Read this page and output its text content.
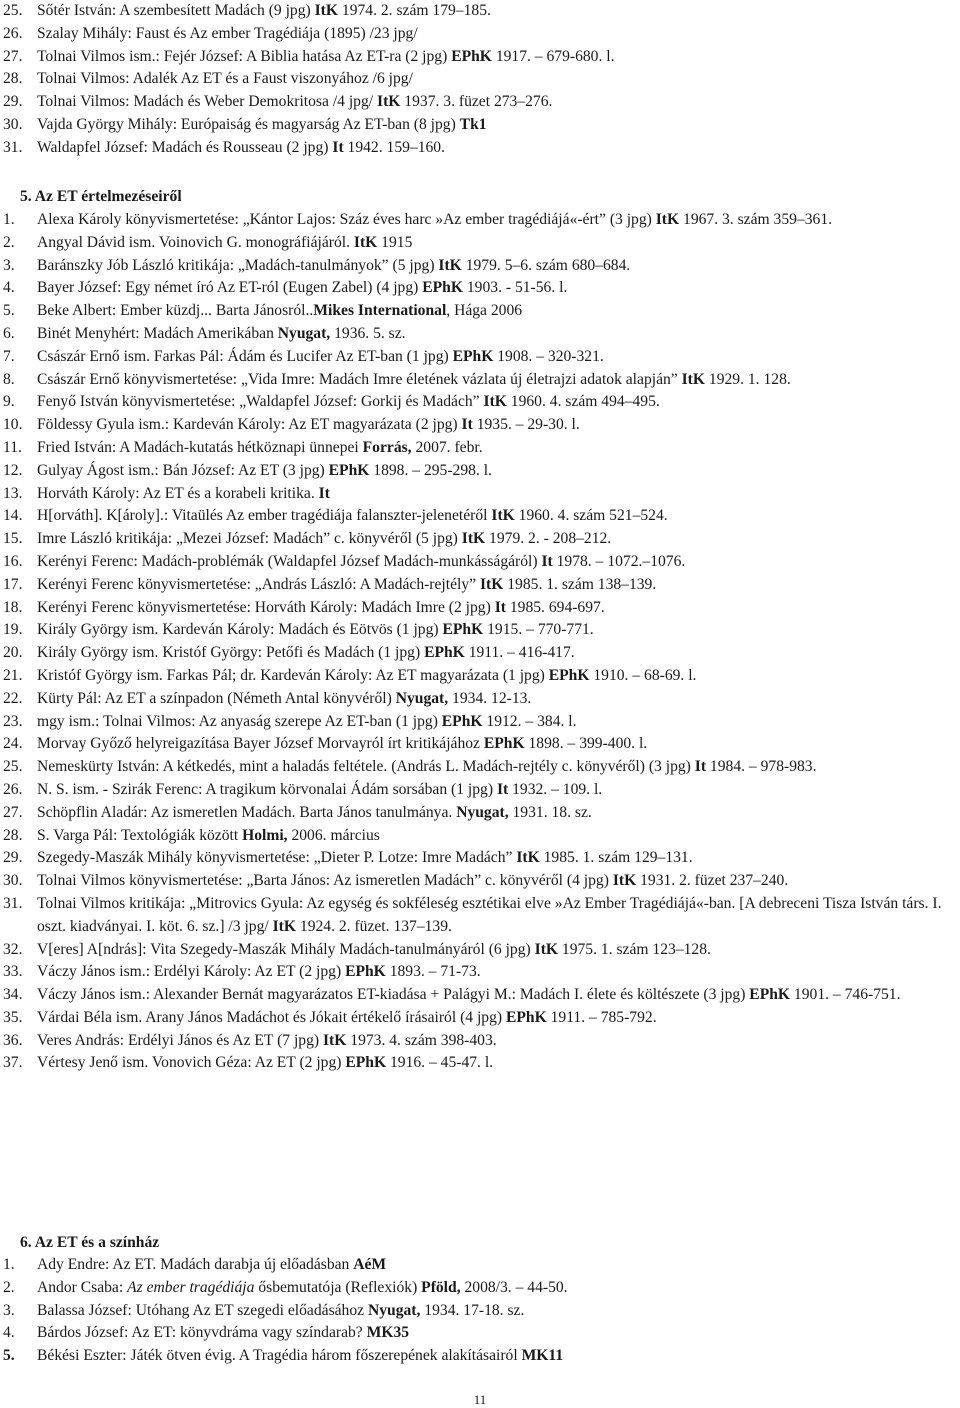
25. Sőtér István: A szembesített Madách (9 jpg) ItK 1974. 2. szám 179–185.
26. Szalay Mihály: Faust és Az ember Tragédiája (1895) /23 jpg/
27. Tolnai Vilmos ism.: Fejér József: A Biblia hatása Az ET-ra (2 jpg) EPhK 1917. – 679-680. l.
28. Tolnai Vilmos: Adalék Az ET és a Faust viszonyához /6 jpg/
29. Tolnai Vilmos: Madách és Weber Demokritosa /4 jpg/ ItK 1937. 3. füzet 273–276.
30. Vajda György Mihály: Európaiság és magyarság Az ET-ban (8 jpg) Tk1
31. Waldapfel József: Madách és Rousseau (2 jpg) It 1942. 159–160.
5. Az ET értelmezéseiről
1. Alexa Károly könyvismertetése: „Kántor Lajos: Száz éves harc »Az ember tragédiájá«-ért” (3 jpg) ItK 1967. 3. szám 359–361.
2. Angyal Dávid ism. Voinovich G. monográfiájáról. ItK 1915
3. Baránszky Jób László kritikája: „Madách-tanulmányok” (5 jpg) ItK 1979. 5–6. szám 680–684.
4. Bayer József: Egy német író Az ET-ról (Eugen Zabel) (4 jpg) EPhK 1903. - 51-56. l.
5. Beke Albert: Ember küzdj... Barta Jánosról..Mikes International, Hága 2006
6. Binét Menyhért: Madách Amerikában Nyugat, 1936. 5. sz.
7. Császár Ernő ism. Farkas Pál: Ádám és Lucifer Az ET-ban (1 jpg) EPhK 1908. – 320-321.
8. Császár Ernő könyvismertetése: „Vida Imre: Madách Imre életének vázlata új életrajzi adatok alapján” ItK 1929. 1. 128.
9. Fenyő István könyvismertetése: „Waldapfel József: Gorkij és Madách” ItK 1960. 4. szám 494–495.
10. Földessy Gyula ism.: Kardeván Károly: Az ET magyarázata (2 jpg) It 1935. – 29-30. l.
11. Fried István: A Madách-kutatás hétköznapi ünnepei Forrás, 2007. febr.
12. Gulyay Ágost ism.: Bán József: Az ET (3 jpg) EPhK 1898. – 295-298. l.
13. Horváth Károly: Az ET és a korabeli kritika. It
14. H[orváth]. K[ároly].: Vitaülés Az ember tragédiája falanszter-jelenetéről ItK 1960. 4. szám 521–524.
15. Imre László kritikája: „Mezei József: Madách” c. könyvéről (5 jpg) ItK 1979. 2. - 208–212.
16. Kerényi Ferenc: Madách-problémák (Waldapfel József Madách-munkásságáról) It 1978. – 1072.–1076.
17. Kerényi Ferenc könyvismertetése: „András László: A Madách-rejtély” ItK 1985. 1. szám 138–139.
18. Kerényi Ferenc könyvismertetése: Horváth Károly: Madách Imre (2 jpg) It 1985. 694-697.
19. Király György ism. Kardeván Károly: Madách és Eötvös (1 jpg) EPhK 1915. – 770-771.
20. Király György ism. Kristóf György: Petőfi és Madách (1 jpg) EPhK 1911. – 416-417.
21. Kristóf György ism. Farkas Pál; dr. Kardeván Károly: Az ET magyarázata (1 jpg) EPhK 1910. – 68-69. l.
22. Kürty Pál: Az ET a színpadon (Németh Antal könyvéről) Nyugat, 1934. 12-13.
23. mgy ism.: Tolnai Vilmos: Az anyaság szerepe Az ET-ban (1 jpg) EPhK 1912. – 384. l.
24. Morvay Győző helyreigazítása Bayer József Morvayról írt kritikájához EPhK 1898. – 399-400. l.
25. Nemeskürty István: A kétkedés, mint a haladás feltétele. (András L. Madách-rejtély c. könyvéről) (3 jpg) It 1984. – 978-983.
26. N. S. ism. - Szirák Ferenc: A tragikum körvonalai Ádám sorsában (1 jpg) It 1932. – 109. l.
27. Schöpflin Aladár: Az ismeretlen Madách. Barta János tanulmánya. Nyugat, 1931. 18. sz.
28. S. Varga Pál: Textológiák között Holmi, 2006. március
29. Szegedy-Maszák Mihály könyvismertetése: „Dieter P. Lotze: Imre Madách” ItK 1985. 1. szám 129–131.
30. Tolnai Vilmos könyvismertetése: „Barta János: Az ismeretlen Madách” c. könyvéről (4 jpg) ItK 1931. 2. füzet 237–240.
31. Tolnai Vilmos kritikája: „Mitrovics Gyula: Az egység és sokféleség esztétikai elve »Az Ember Tragédiájá«-ban. [A debreceni Tisza István társ. I. oszt. kiadványai. I. köt. 6. sz.] /3 jpg/ ItK 1924. 2. füzet. 137–139.
32. V[eres] A[ndrás]: Vita Szegedy-Maszák Mihály Madách-tanulmányáról (6 jpg) ItK 1975. 1. szám 123–128.
33. Váczy János ism.: Erdélyi Károly: Az ET (2 jpg) EPhK 1893. – 71-73.
34. Váczy János ism.: Alexander Bernát magyarázatos ET-kiadása + Palágyi M.: Madách I. élete és költészete (3 jpg) EPhK 1901. – 746-751.
35. Várdai Béla ism. Arany János Madáchot és Jókait értékelő írásairól (4 jpg) EPhK 1911. – 785-792.
36. Veres András: Erdélyi János és Az ET (7 jpg) ItK 1973. 4. szám 398-403.
37. Vértesy Jenő ism. Vonovich Géza: Az ET (2 jpg) EPhK 1916. – 45-47. l.
6. Az ET és a színház
1. Ady Endre: Az ET. Madách darabja új előadásban AéM
2. Andor Csaba: Az ember tragédiája ősbemutatója (Reflexiók) Pföld, 2008/3. – 44-50.
3. Balassa József: Utóhang Az ET szegedi előadásához Nyugat, 1934. 17-18. sz.
4. Bárdos József: Az ET: könyvdráma vagy színdarab? MK35
5. Békési Eszter: Játék ötven évig. A Tragédia három főszerepének alakításairól MK11
11
